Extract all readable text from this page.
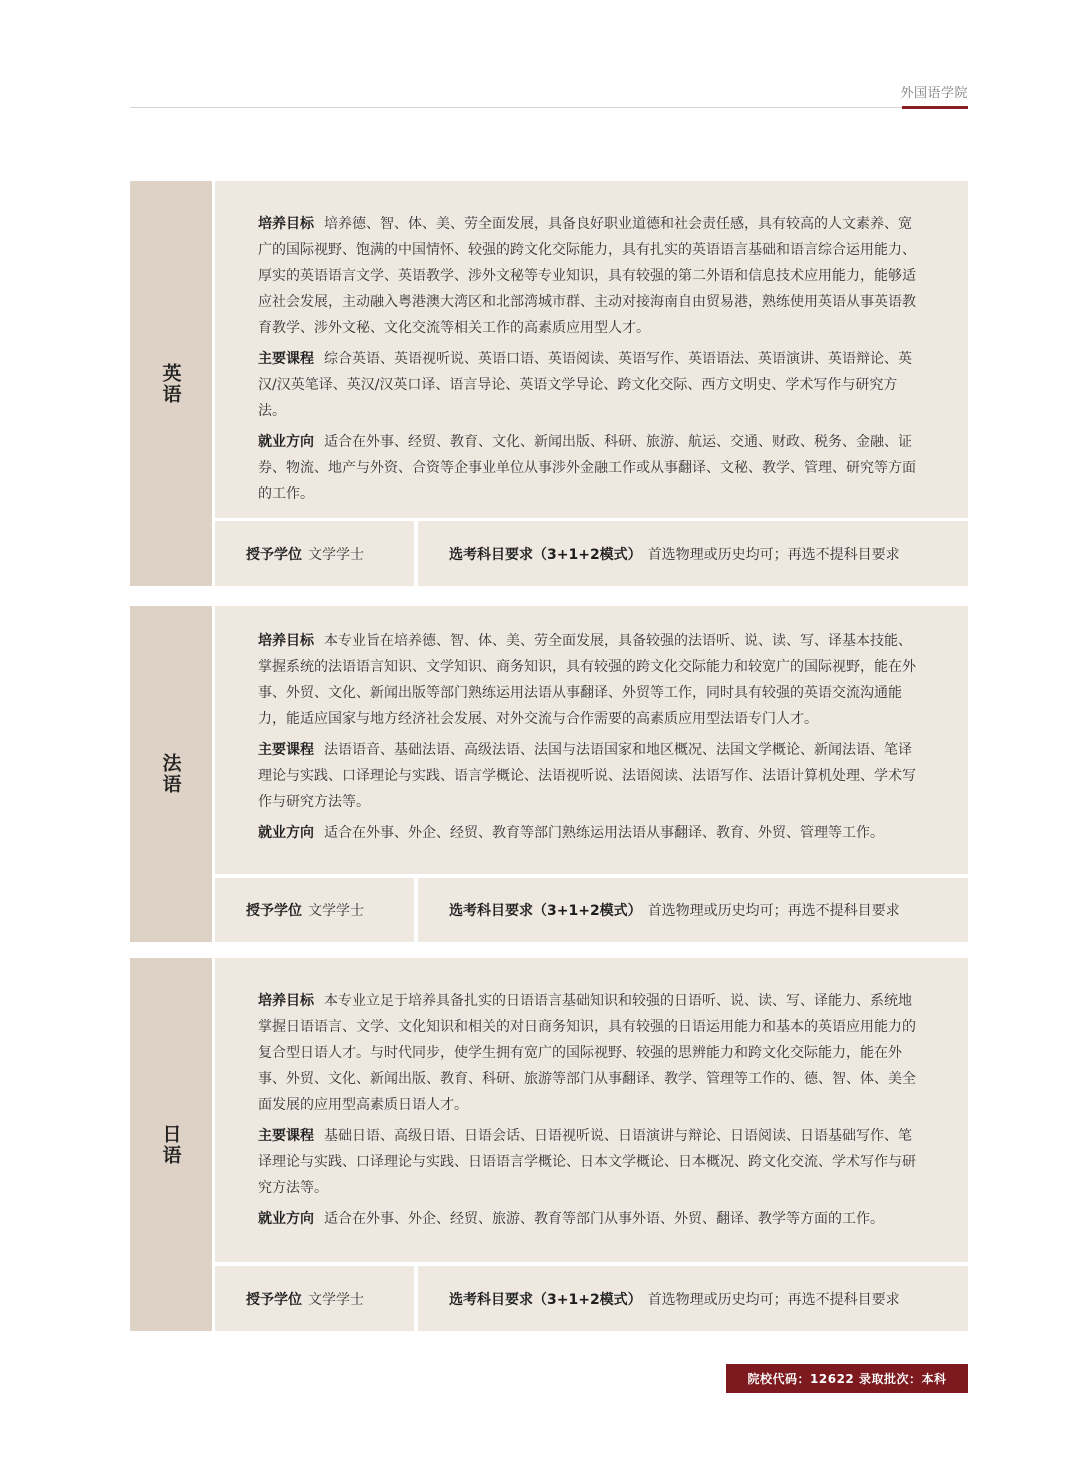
外国语学院
英语

培养目标 培养德、智、体、美、劳全面发展，具备良好职业道德和社会责任感，具有较高的人文素养、宽广的国际视野、饱满的中国情怀、较强的跨文化交际能力，具有扎实的英语语言基础和语言综合运用能力、厚实的英语语言文学、英语教学、涉外文秘等专业知识，具有较强的第二外语和信息技术应用能力，能够适应社会发展，主动融入粤港澳大湾区和北部湾城市群、主动对接海南自由贸易港，熟练使用英语从事英语教育教学、涉外文秘、文化交流等相关工作的高素质应用型人才。

主要课程 综合英语、英语视听说、英语口语、英语阅读、英语写作、英语语法、英语演讲、英语辩论、英汉/汉英笔译、英汉/汉英口译、语言导论、英语文学导论、跨文化交际、西方文明史、学术写作与研究方法。

就业方向 适合在外事、经贸、教育、文化、新闻出版、科研、旅游、航运、交通、财政、税务、金融、证券、物流、地产与外资、合资等企事业单位从事涉外金融工作或从事翻译、文秘、教学、管理、研究等方面的工作。

授予学位 文学学士	选考科目要求（3+1+2模式） 首选物理或历史均可；再选不提科目要求
法语

培养目标 本专业旨在培养德、智、体、美、劳全面发展，具备较强的法语听、说、读、写、译基本技能、掌握系统的法语语言知识、文学知识、商务知识，具有较强的跨文化交际能力和较宽广的国际视野，能在外事、外贸、文化、新闻出版等部门熟练运用法语从事翻译、外贸等工作，同时具有较强的英语交流沟通能力，能适应国家与地方经济社会发展、对外交流与合作需要的高素质应用型法语专门人才。

主要课程 法语语音、基础法语、高级法语、法国与法语国家和地区概况、法国文学概论、新闻法语、笔译理论与实践、口译理论与实践、语言学概论、法语视听说、法语阅读、法语写作、法语计算机处理、学术写作与研究方法等。

就业方向 适合在外事、外企、经贸、教育等部门熟练运用法语从事翻译、教育、外贸、管理等工作。

授予学位 文学学士	选考科目要求（3+1+2模式） 首选物理或历史均可；再选不提科目要求
日语

培养目标 本专业立足于培养具备扎实的日语语言基础知识和较强的日语听、说、读、写、译能力、系统地掌握日语语言、文学、文化知识和相关的对日商务知识，具有较强的日语运用能力和基本的英语应用能力的复合型日语人才。与时代同步，使学生拥有宽广的国际视野、较强的思辨能力和跨文化交际能力，能在外事、外贸、文化、新闻出版、教育、科研、旅游等部门从事翻译、教学、管理等工作的、德、智、体、美全面发展的应用型高素质日语人才。

主要课程 基础日语、高级日语、日语会话、日语视听说、日语演讲与辩论、日语阅读、日语基础写作、笔译理论与实践、口译理论与实践、日语语言学概论、日本文学概论、日本概况、跨文化交流、学术写作与研究方法等。

就业方向 适合在外事、外企、经贸、旅游、教育等部门从事外语、外贸、翻译、教学等方面的工作。

授予学位 文学学士	选考科目要求（3+1+2模式） 首选物理或历史均可；再选不提科目要求
院校代码：12622 录取批次：本科
